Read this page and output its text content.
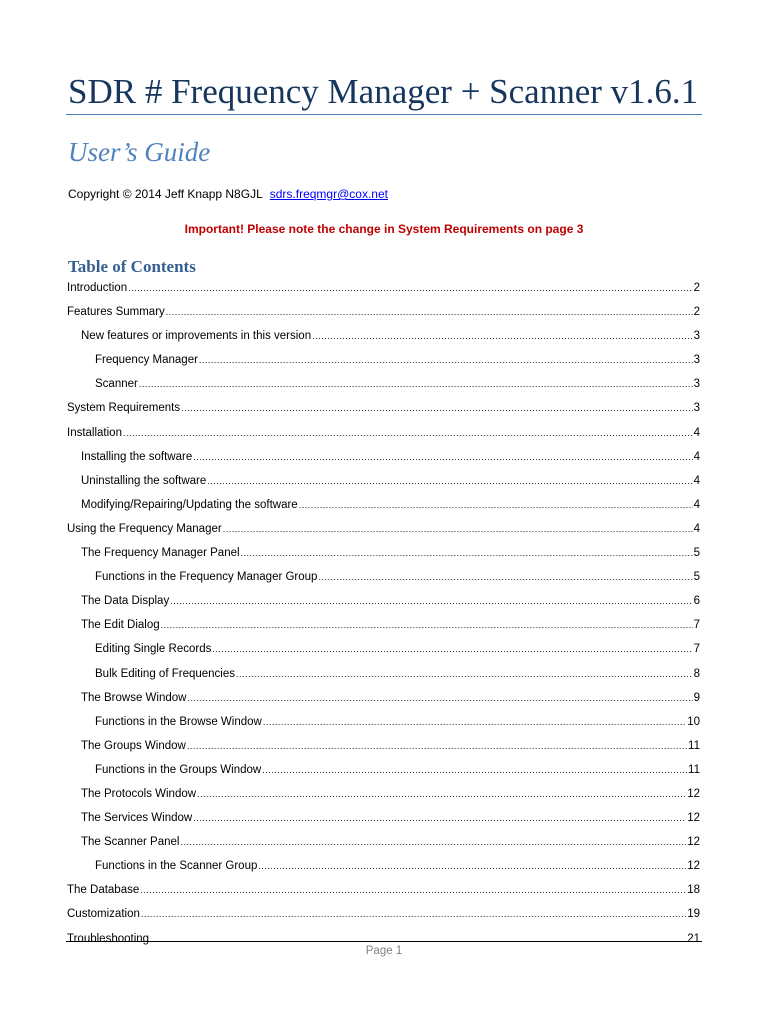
SDR # Frequency Manager + Scanner v1.6.1
User’s Guide
Copyright © 2014 Jeff Knapp N8GJL sdrs.freqmgr@cox.net
Important! Please note the change in System Requirements on page 3
Table of Contents
Introduction .....	2
Features Summary .....	2
New features or improvements in this version .....	3
Frequency Manager .....	3
Scanner .....	3
System Requirements .....	3
Installation .....	4
Installing the software .....	4
Uninstalling the software .....	4
Modifying/Repairing/Updating the software .....	4
Using the Frequency Manager .....	4
The Frequency Manager Panel .....	5
Functions in the Frequency Manager Group .....	5
The Data Display .....	6
The Edit Dialog .....	7
Editing Single Records .....	7
Bulk Editing of Frequencies .....	8
The Browse Window .....	9
Functions in the Browse Window .....	10
The Groups Window .....	11
Functions in the Groups Window .....	11
The Protocols Window .....	12
The Services Window .....	12
The Scanner Panel .....	12
Functions in the Scanner Group .....	12
The Database .....	18
Customization .....	19
Troubleshooting .....	21
Page 1
